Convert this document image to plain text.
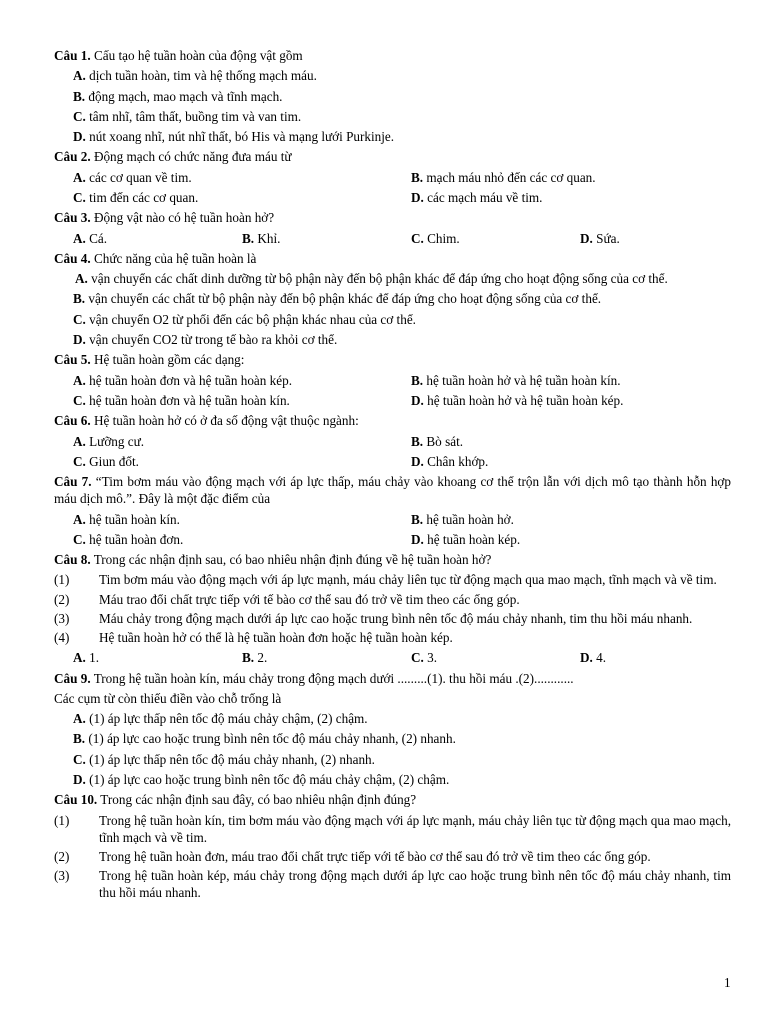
Câu 1. Cấu tạo hệ tuần hoàn của động vật gồm
A. dịch tuần hoàn, tim và hệ thống mạch máu.
B. động mạch, mao mạch và tĩnh mạch.
C. tâm nhĩ, tâm thất, buồng tim và van tim.
D. nút xoang nhĩ, nút nhĩ thất, bó His và mạng lưới Purkinje.
Câu 2. Động mạch có chức năng đưa máu từ
A. các cơ quan về tim.	B. mạch máu nhỏ đến các cơ quan.
C. tim đến các cơ quan.	D. các mạch máu về tim.
Câu 3. Động vật nào có hệ tuần hoàn hở?
A. Cá.	B. Khỉ.	C. Chim.	D. Sứa.
Câu 4. Chức năng của hệ tuần hoàn là
A. vận chuyển các chất dinh dưỡng từ bộ phận này đến bộ phận khác để đáp ứng cho hoạt động sống của cơ thể.
B. vận chuyển các chất từ bộ phận này đến bộ phận khác để đáp ứng cho hoạt động sống của cơ thể.
C. vận chuyển O2 từ phối đến các bộ phận khác nhau của cơ thể.
D. vận chuyển CO2 từ trong tế bào ra khỏi cơ thể.
Câu 5. Hệ tuần hoàn gồm các dạng:
A. hệ tuần hoàn đơn và hệ tuần hoàn kép.	B. hệ tuần hoàn hở và hệ tuần hoàn kín.
C. hệ tuần hoàn đơn và hệ tuần hoàn kín.	D. hệ tuần hoàn hở và hệ tuần hoàn kép.
Câu 6. Hệ tuần hoàn hở có ở đa số động vật thuộc ngành:
A. Lưỡng cư.	B. Bò sát.
C. Giun đốt.	D. Chân khớp.
Câu 7. “Tim bơm máu vào động mạch với áp lực thấp, máu chảy vào khoang cơ thể trộn lẫn với dịch mô tạo thành hỗn hợp máu dịch mô.”. Đây là một đặc điểm của
A. hệ tuần hoàn kín.	B. hệ tuần hoàn hở.
C. hệ tuần hoàn đơn.	D. hệ tuần hoàn kép.
Câu 8. Trong các nhận định sau, có bao nhiêu nhận định đúng về hệ tuần hoàn hở?
(1)	Tim bơm máu vào động mạch với áp lực mạnh, máu chảy liên tục từ động mạch qua mao mạch, tĩnh mạch và về tim.
(2)	Máu trao đổi chất trực tiếp với tế bào cơ thể sau đó trở về tim theo các ống góp.
(3)	Máu chảy trong động mạch dưới áp lực cao hoặc trung bình nên tốc độ máu chảy nhanh, tim thu hồi máu nhanh.
(4)	Hệ tuần hoàn hở có thể là hệ tuần hoàn đơn hoặc hệ tuần hoàn kép.
A. 1.	B. 2.	C. 3.	D. 4.
Câu 9. Trong hệ tuần hoàn kín, máu chảy trong động mạch dưới .........(1). thu hồi máu .(2)............
Các cụm từ còn thiếu điền vào chỗ trống là
A. (1) áp lực thấp nên tốc độ máu chảy chậm, (2) chậm.
B. (1) áp lực cao hoặc trung bình nên tốc độ máu chảy nhanh, (2) nhanh.
C. (1) áp lực thấp nên tốc độ máu chảy nhanh, (2) nhanh.
D. (1) áp lực cao hoặc trung bình nên tốc độ máu chảy chậm, (2) chậm.
Câu 10. Trong các nhận định sau đây, có bao nhiêu nhận định đúng?
(1)	Trong hệ tuần hoàn kín, tim bơm máu vào động mạch với áp lực mạnh, máu chảy liên tục từ động mạch qua mao mạch, tĩnh mạch và về tim.
(2)	Trong hệ tuần hoàn đơn, máu trao đổi chất trực tiếp với tế bào cơ thể sau đó trở về tim theo các ống góp.
(3)	Trong hệ tuần hoàn kép, máu chảy trong động mạch dưới áp lực cao hoặc trung bình nên tốc độ máu chảy nhanh, tim thu hồi máu nhanh.
1
